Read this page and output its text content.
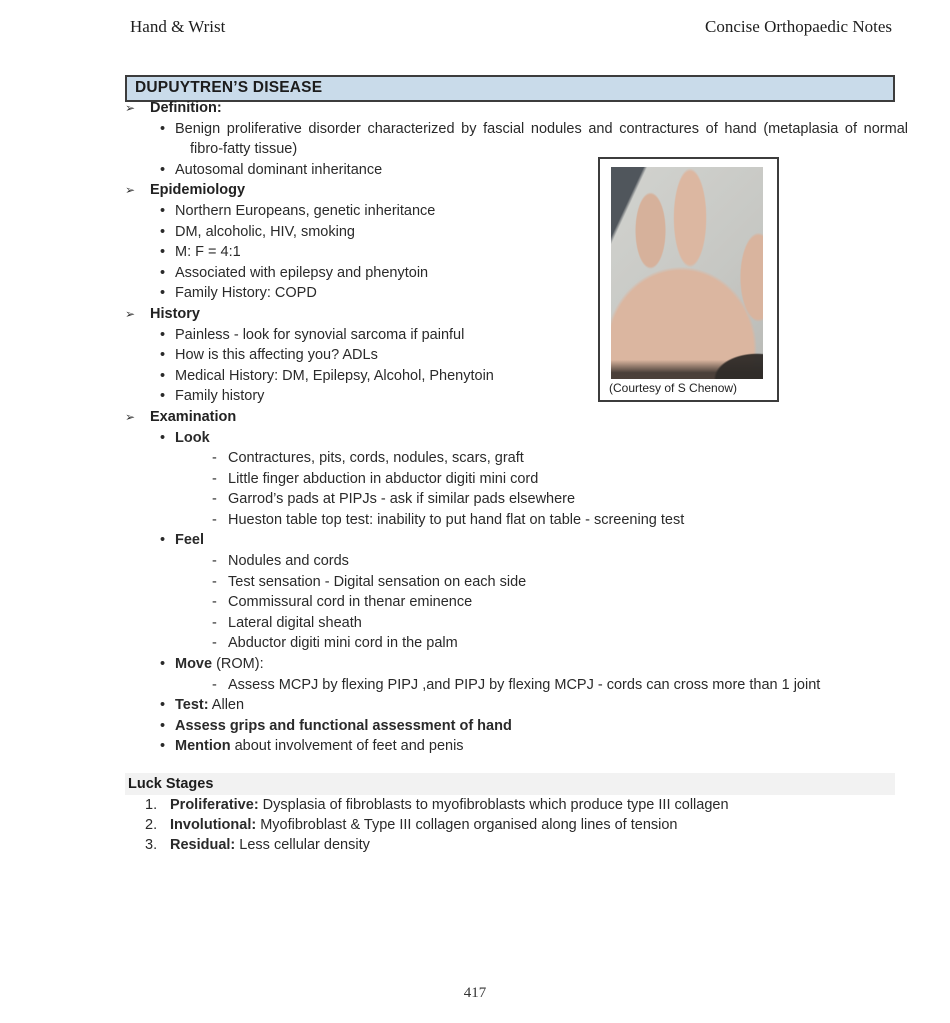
Hand & Wrist	Concise Orthopaedic Notes
DUPUYTREN’S DISEASE
(Courtesy of S Chenow)
➢ Definition:
• Benign proliferative disorder characterized by fascial nodules and contractures of hand (metaplasia of normal fibro-fatty tissue)
• Autosomal dominant inheritance
➢ Epidemiology
• Northern Europeans, genetic inheritance
• DM, alcoholic, HIV, smoking
• M: F = 4:1
• Associated with epilepsy and phenytoin
• Family History: COPD
➢ History
• Painless - look for synovial sarcoma if painful
• How is this affecting you? ADLs
• Medical History: DM, Epilepsy, Alcohol, Phenytoin
• Family history
➢ Examination
• Look
- Contractures, pits, cords, nodules, scars, graft
- Little finger abduction in abductor digiti mini cord
- Garrod’s pads at PIPJs - ask if similar pads elsewhere
- Hueston table top test: inability to put hand flat on table - screening test
• Feel
- Nodules and cords
- Test sensation - Digital sensation on each side
- Commissural cord in thenar eminence
- Lateral digital sheath
- Abductor digiti mini cord in the palm
• Move (ROM):
- Assess MCPJ by flexing PIPJ ,and PIPJ by flexing MCPJ - cords can cross more than 1 joint
• Test: Allen
• Assess grips and functional assessment of hand
• Mention about involvement of feet and penis
Luck Stages
1. Proliferative: Dysplasia of fibroblasts to myofibroblasts which produce type III collagen
2. Involutional: Myofibroblast & Type III collagen organised along lines of tension
3. Residual: Less cellular density
417
